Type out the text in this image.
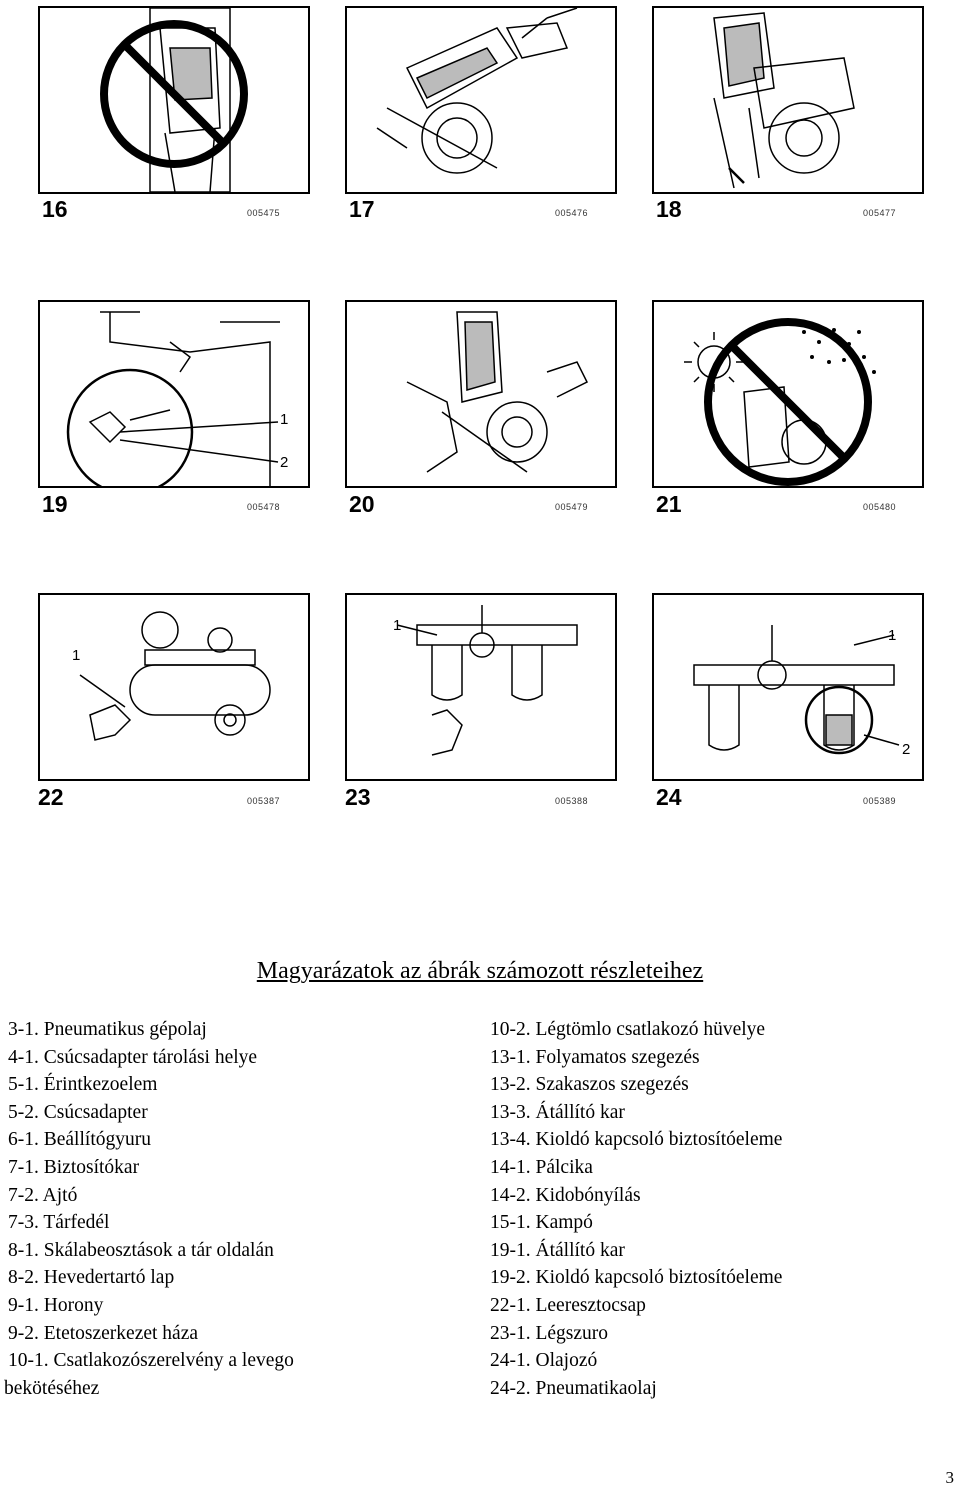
16	005475	17	005476	18	005477
1
2
19	005478	20	005479	21	005480
1
22	005387
1
23	005388
1
2
24	005389
Magyarázatok az ábrák számozott részleteihez
3-1. Pneumatikus gépolaj
4-1. Csúcsadapter tárolási helye
5-1. Érintkezoelem
5-2. Csúcsadapter
6-1. Beállítógyuru
7-1. Biztosítókar
7-2. Ajtó
7-3. Tárfedél
8-1. Skálabeosztások a tár oldalán
8-2. Hevedertartó lap
9-1. Horony
9-2. Etetoszerkezet háza
10-1. Csatlakozószerelvény a levego
bekötéséhez
10-2. Légtömlo csatlakozó hüvelye
13-1. Folyamatos szegezés
13-2. Szakaszos szegezés
13-3. Átállító kar
13-4. Kioldó kapcsoló biztosítóeleme
14-1. Pálcika
14-2. Kidobónyílás
15-1. Kampó
19-1. Átállító kar
19-2. Kioldó kapcsoló biztosítóeleme
22-1. Leeresztocsap
23-1. Légszuro
24-1. Olajozó
24-2. Pneumatikaolaj
3
